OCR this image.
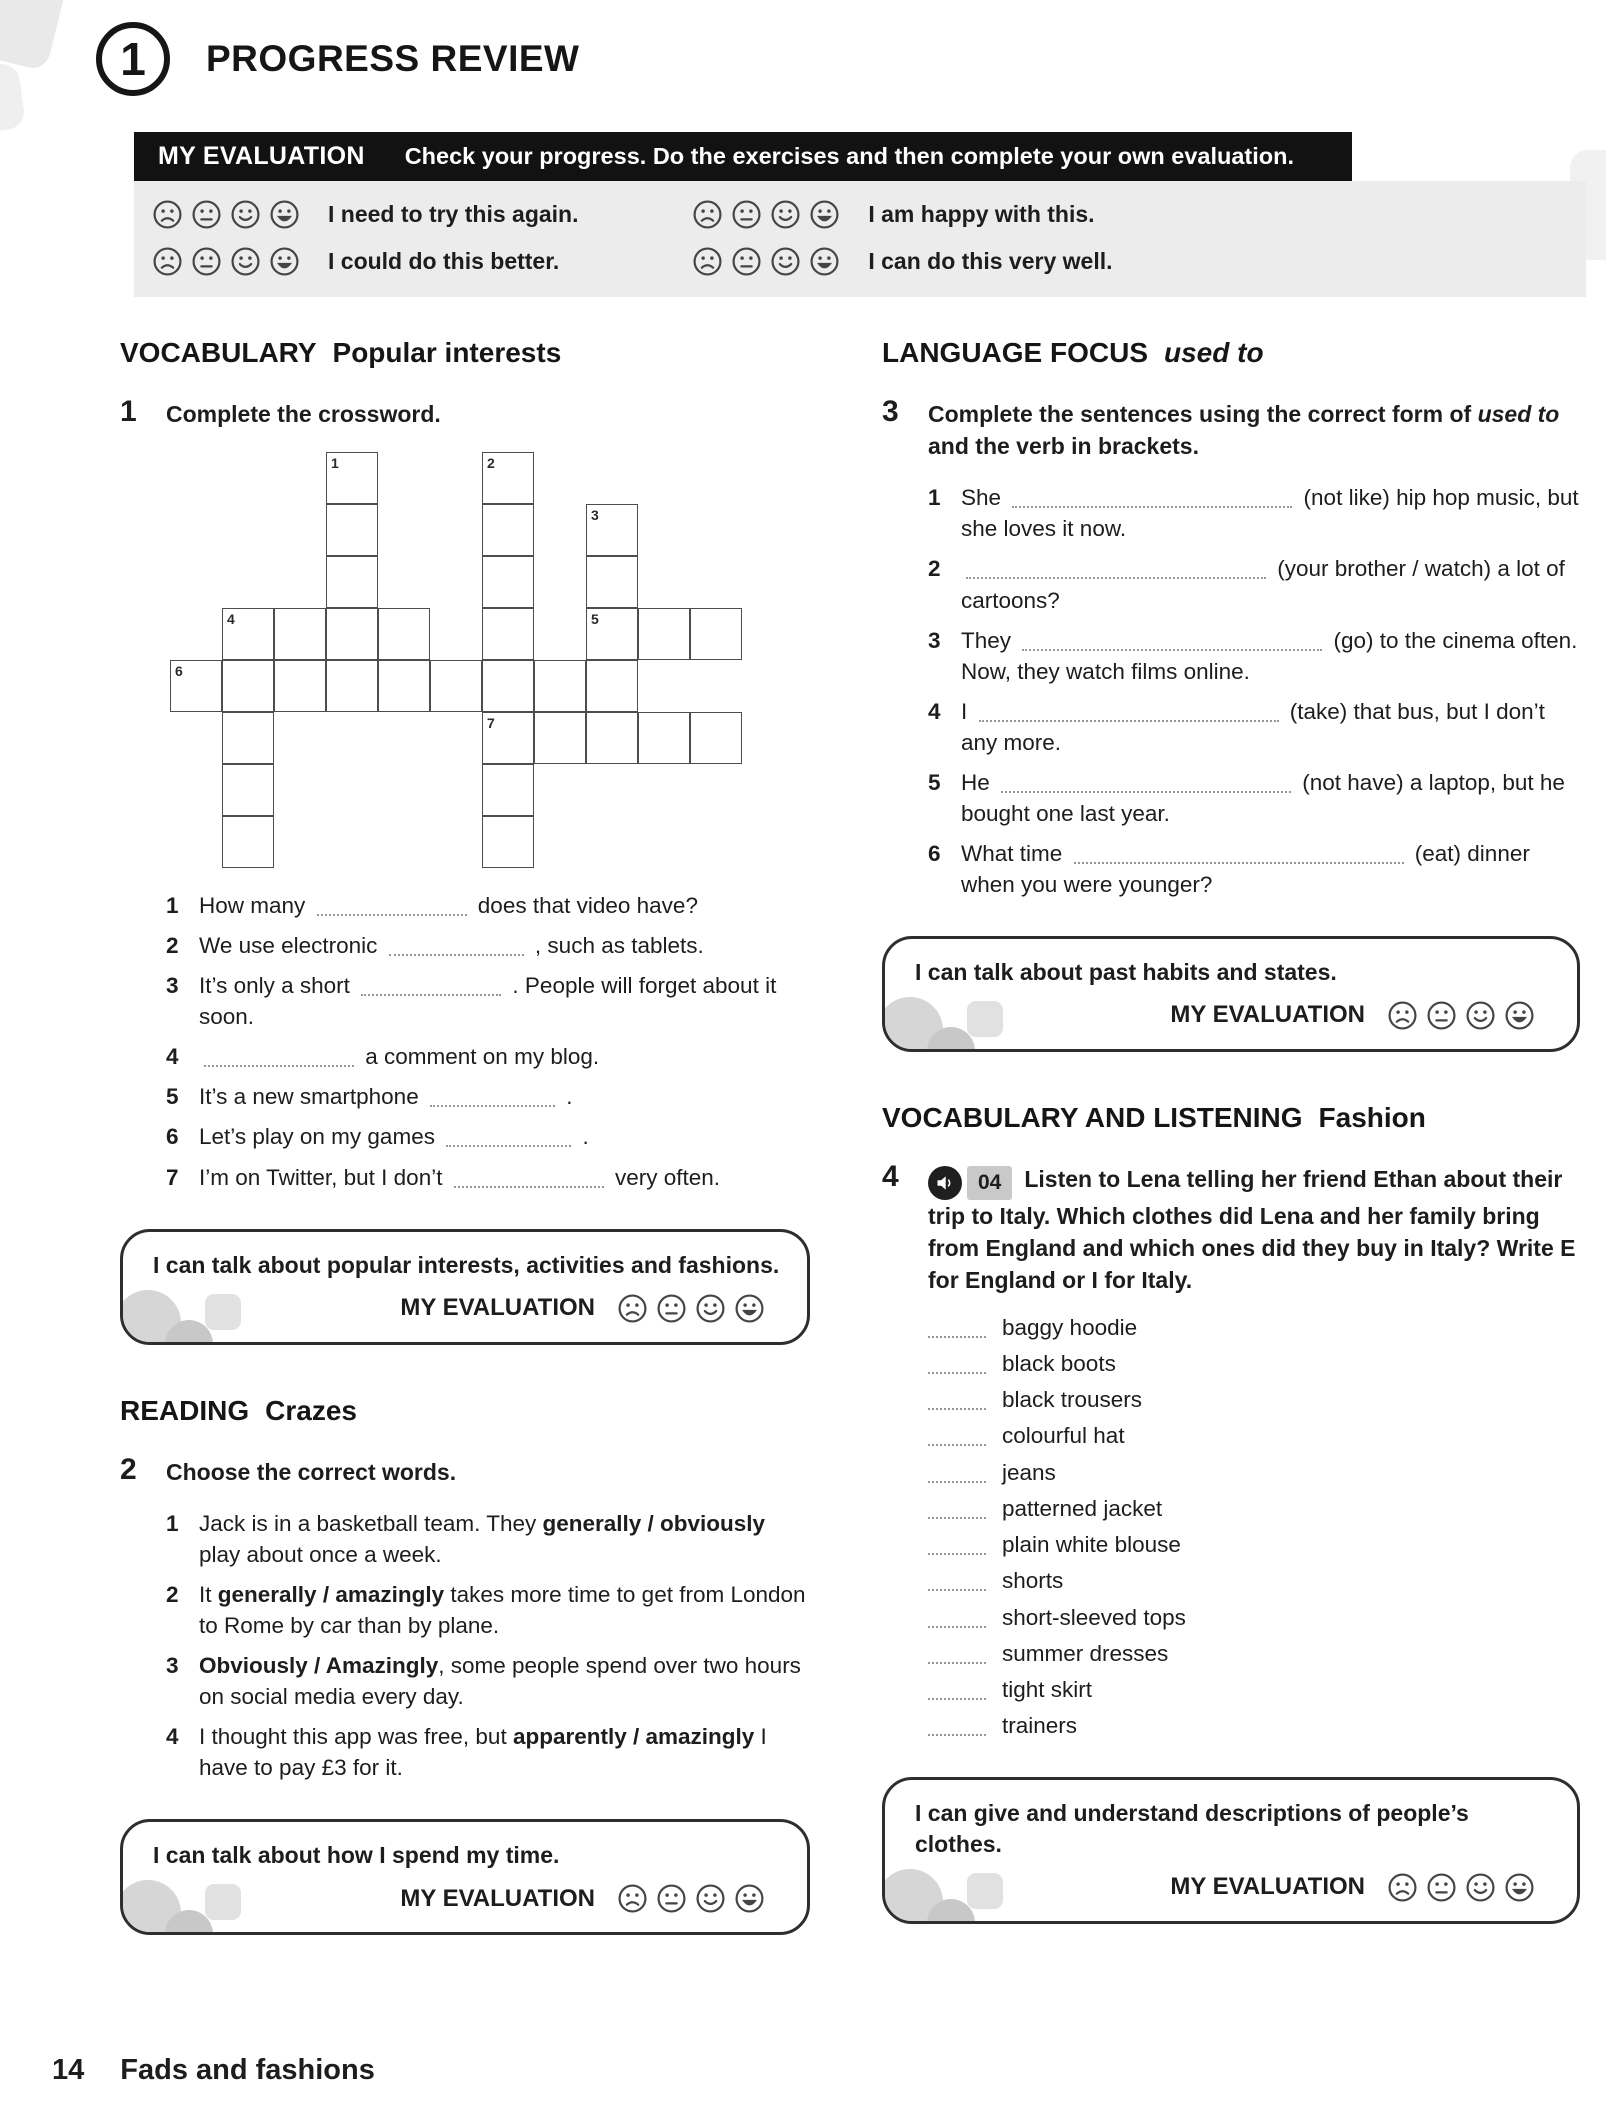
1 PROGRESS REVIEW
MY EVALUATION Check your progress. Do the exercises and then complete your own evaluation.
I need to try this again.	I am happy with this.
I could do this better.	I can do this very well.
VOCABULARY Popular interests
1	Complete the crossword.
1	2
3
4	5
6
7
1 How many	does that video have?
2 We use electronic	, such as tablets.
3 It’s only a short	. People will forget about it soon.
4	a comment on my blog.
5 It’s a new smartphone	.
6 Let’s play on my games	.
7 I’m on Twitter, but I don’t	very often.
I can talk about popular interests, activities and fashions.
MY EVALUATION
READING Crazes
2	Choose the correct words.
1 Jack is in a basketball team. They generally / obviously play about once a week.
2 It generally / amazingly takes more time to get from London to Rome by car than by plane.
3 Obviously / Amazingly, some people spend over two hours on social media every day.
4 I thought this app was free, but apparently / amazingly I have to pay £3 for it.
I can talk about how I spend my time.
MY EVALUATION
LANGUAGE FOCUS used to
3	Complete the sentences using the correct form of used to and the verb in brackets.
1 She	(not like) hip hop music, but she loves it now.
2	(your brother / watch) a lot of cartoons?
3 They	(go) to the cinema often. Now, they watch films online.
4 I	(take) that bus, but I don’t any more.
5 He	(not have) a laptop, but he bought one last year.
6 What time	(eat) dinner when you were younger?
I can talk about past habits and states.
MY EVALUATION
VOCABULARY AND LISTENING Fashion
4	04	Listen to Lena telling her friend Ethan about their trip to Italy. Which clothes did Lena and her family bring from England and which ones did they buy in Italy? Write E for England or I for Italy.
baggy hoodie
black boots
black trousers
colourful hat
jeans
patterned jacket
plain white blouse
shorts
short-sleeved tops
summer dresses
tight skirt
trainers
I can give and understand descriptions of people’s clothes.
MY EVALUATION
14 Fads and fashions
